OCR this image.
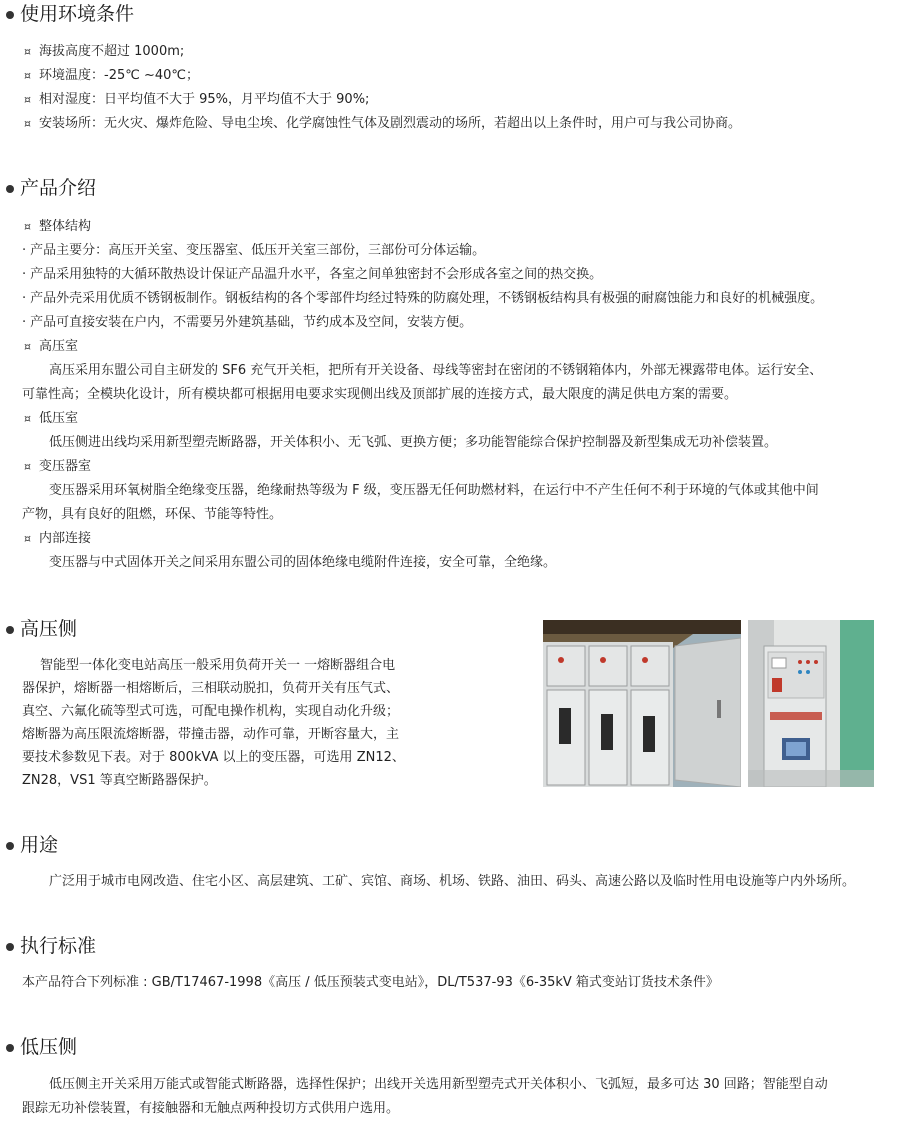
使用环境条件
¤ 海拔高度不超过 1000m;
¤ 环境温度：-25℃ ~40℃；
¤ 相对湿度：日平均值不大于 95%，月平均值不大于 90%;
¤ 安装场所：无火灾、爆炸危险、导电尘埃、化学腐蚀性气体及剧烈震动的场所，若超出以上条件时，用户可与我公司协商。
产品介绍
¤ 整体结构
· 产品主要分：高压开关室、变压器室、低压开关室三部份，三部份可分体运输。
· 产品采用独特的大循环散热设计保证产品温升水平，各室之间单独密封不会形成各室之间的热交换。
· 产品外壳采用优质不锈钢板制作。钢板结构的各个零部件均经过特殊的防腐处理，不锈钢板结构具有极强的耐腐蚀能力和良好的机械强度。
· 产品可直接安装在户内，不需要另外建筑基础，节约成本及空间，安装方便。
¤ 高压室
高压采用东盟公司自主研发的 SF6 充气开关柜，把所有开关设备、母线等密封在密闭的不锈钢箱体内，外部无裸露带电体。运行安全、
可靠性高；全模块化设计，所有模块都可根据用电要求实现侧出线及顶部扩展的连接方式，最大限度的满足供电方案的需要。
¤ 低压室
低压侧进出线均采用新型塑壳断路器，开关体积小、无飞弧、更换方便；多功能智能综合保护控制器及新型集成无功补偿装置。
¤ 变压器室
变压器采用环氧树脂全绝缘变压器，绝缘耐热等级为 F 级，变压器无任何助燃材料，在运行中不产生任何不利于环境的气体或其他中间
产物，具有良好的阻燃，环保、节能等特性。
¤ 内部连接
变压器与中式固体开关之间采用东盟公司的固体绝缘电缆附件连接，安全可靠，全绝缘。
高压侧
智能型一体化变电站高压一般采用负荷开关一 一熔断器组合电
器保护，熔断器一相熔断后，三相联动脱扣，负荷开关有压气式、
真空、六氟化硫等型式可选，可配电操作机构，实现自动化升级；
熔断器为高压限流熔断器，带撞击器，动作可靠，开断容量大，主
要技术参数见下表。对于 800kVA 以上的变压器，可选用 ZN12、
ZN28，VS1 等真空断路器保护。
用途
广泛用于城市电网改造、住宅小区、高层建筑、工矿、宾馆、商场、机场、铁路、油田、码头、高速公路以及临时性用电设施等户内外场所。
执行标准
本产品符合下列标准 : GB/T17467-1998《高压 / 低压预装式变电站》，DL/T537-93《6-35kV 箱式变站订货技术条件》
低压侧
低压侧主开关采用万能式或智能式断路器，选择性保护；出线开关选用新型塑壳式开关体积小、飞弧短，最多可达 30 回路；智能型自动
跟踪无功补偿装置，有接触器和无触点两种投切方式供用户选用。
